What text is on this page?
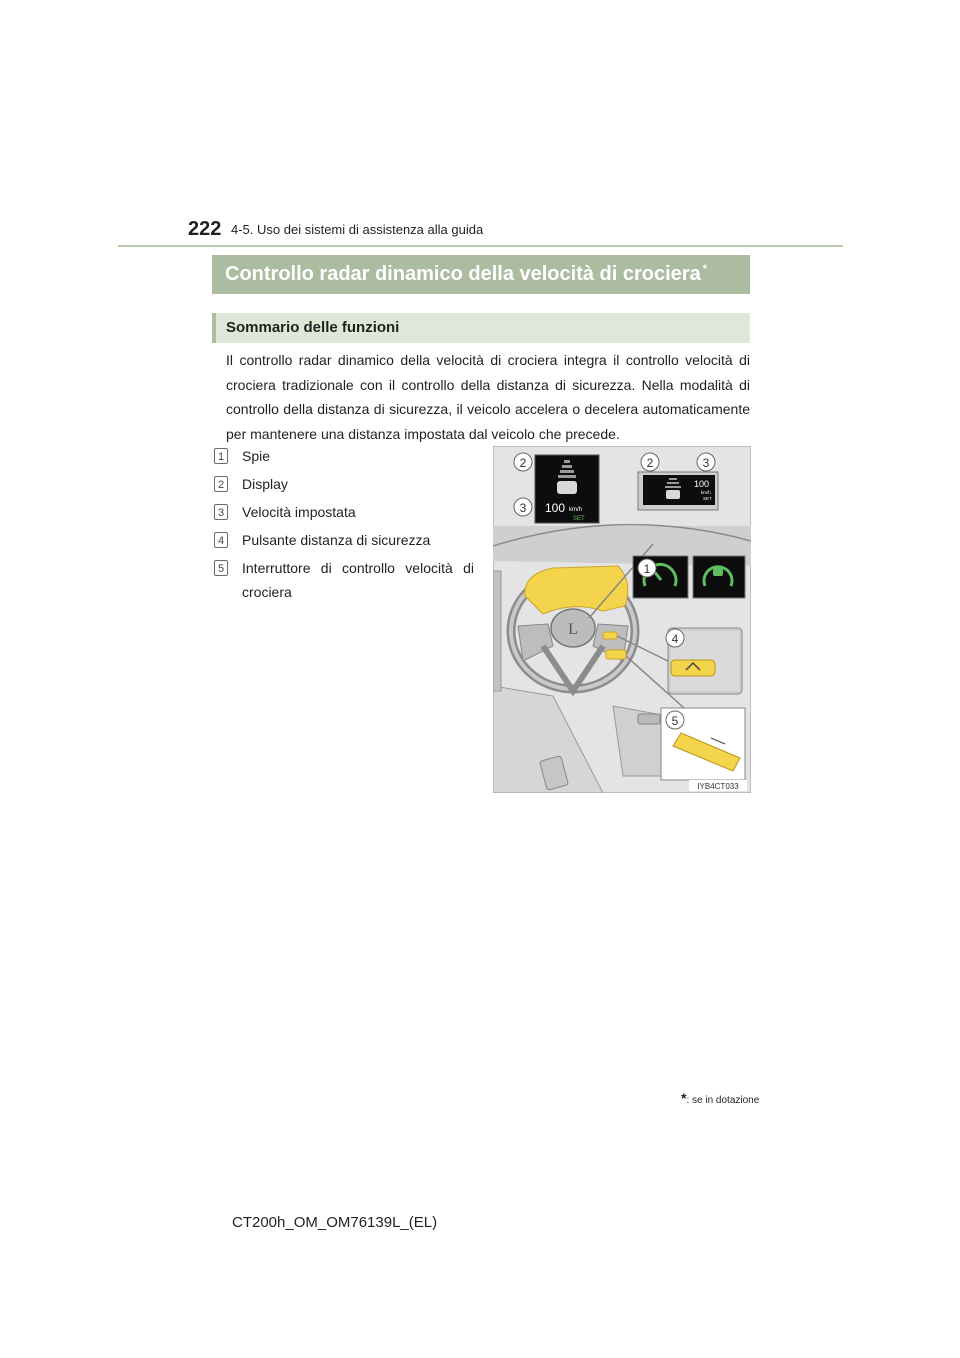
222 4-5. Uso dei sistemi di assistenza alla guida
Controllo radar dinamico della velocità di crociera *
Sommario delle funzioni
Il controllo radar dinamico della velocità di crociera integra il controllo velocità di crociera tradizionale con il controllo della distanza di sicurezza. Nella modalità di controllo della distanza di sicurezza, il veicolo accelera o decelera automaticamente per mantenere una distanza impostata dal veicolo che precede.
1 Spie
2 Display
3 Velocità impostata
4 Pulsante distanza di sicurezza
5 Interruttore di controllo velocità di crociera
L
100 km/h
SET
100
km/h
SET
2
3
2	3
1
4
5
IYB4CT033
*: se in dotazione
CT200h_OM_OM76139L_(EL)
